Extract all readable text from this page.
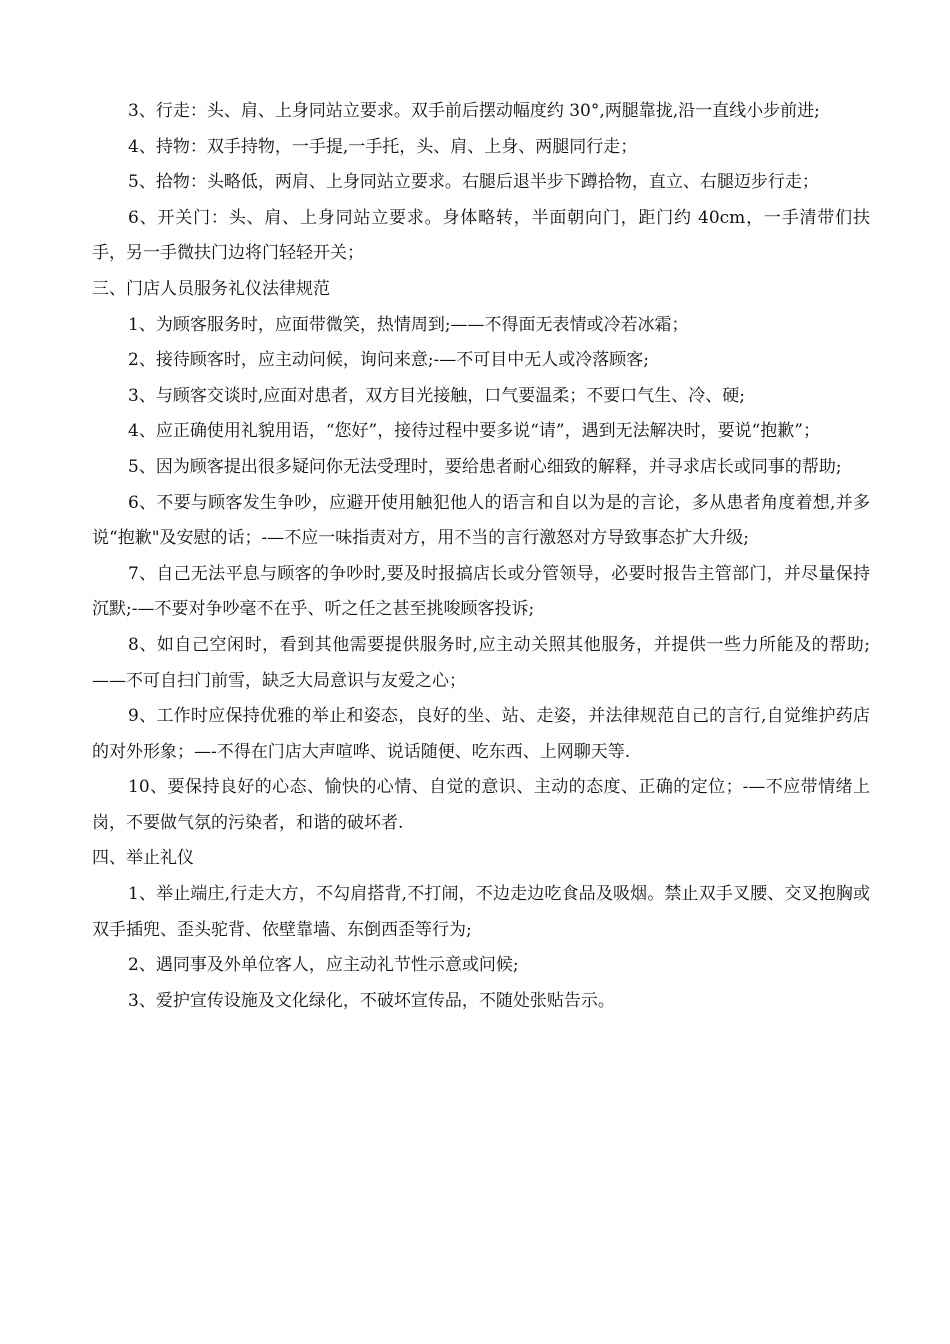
3、行走：头、肩、上身同站立要求。双手前后摆动幅度约 30°,两腿靠拢,沿一直线小步前进;

4、持物：双手持物，一手提,一手托，头、肩、上身、两腿同行走；

5、拾物：头略低，两肩、上身同站立要求。右腿后退半步下蹲拾物，直立、右腿迈步行走；

6、开关门：头、肩、上身同站立要求。身体略转，半面朝向门，距门约 40cm，一手清带们扶手，另一手微扶门边将门轻轻开关；

三、门店人员服务礼仪法律规范

1、为顾客服务时，应面带微笑，热情周到;——不得面无表情或冷若冰霜；

2、接待顾客时，应主动问候，询问来意;-—不可目中无人或冷落顾客;

3、与顾客交谈时,应面对患者，双方目光接触，口气要温柔；不要口气生、冷、硬;

4、应正确使用礼貌用语，“您好”，接待过程中要多说“请”，遇到无法解决时，要说“抱歉”；

5、因为顾客提出很多疑问你无法受理时，要给患者耐心细致的解释，并寻求店长或同事的帮助;

6、不要与顾客发生争吵，应避开使用触犯他人的语言和自以为是的言论，多从患者角度着想,并多说“抱歉"及安慰的话；-—不应一味指责对方，用不当的言行激怒对方导致事态扩大升级;

7、自己无法平息与顾客的争吵时,要及时报搞店长或分管领导，必要时报告主管部门，并尽量保持沉默;-—不要对争吵毫不在乎、听之任之甚至挑唆顾客投诉;

8、如自己空闲时，看到其他需要提供服务时,应主动关照其他服务，并提供一些力所能及的帮助;——不可自扫门前雪，缺乏大局意识与友爱之心；

9、工作时应保持优雅的举止和姿态，良好的坐、站、走姿，并法律规范自己的言行,自觉维护药店的对外形象；—-不得在门店大声喧哗、说话随便、吃东西、上网聊天等.

10、要保持良好的心态、愉快的心情、自觉的意识、主动的态度、正确的定位；-—不应带情绪上岗，不要做气氛的污染者，和谐的破坏者.

四、举止礼仪

1、举止端庄,行走大方，不勾肩搭背,不打闹，不边走边吃食品及吸烟。禁止双手叉腰、交叉抱胸或双手插兜、歪头驼背、依壁靠墙、东倒西歪等行为;

2、遇同事及外单位客人，应主动礼节性示意或问候;

3、爱护宣传设施及文化绿化，不破坏宣传品，不随处张贴告示。
